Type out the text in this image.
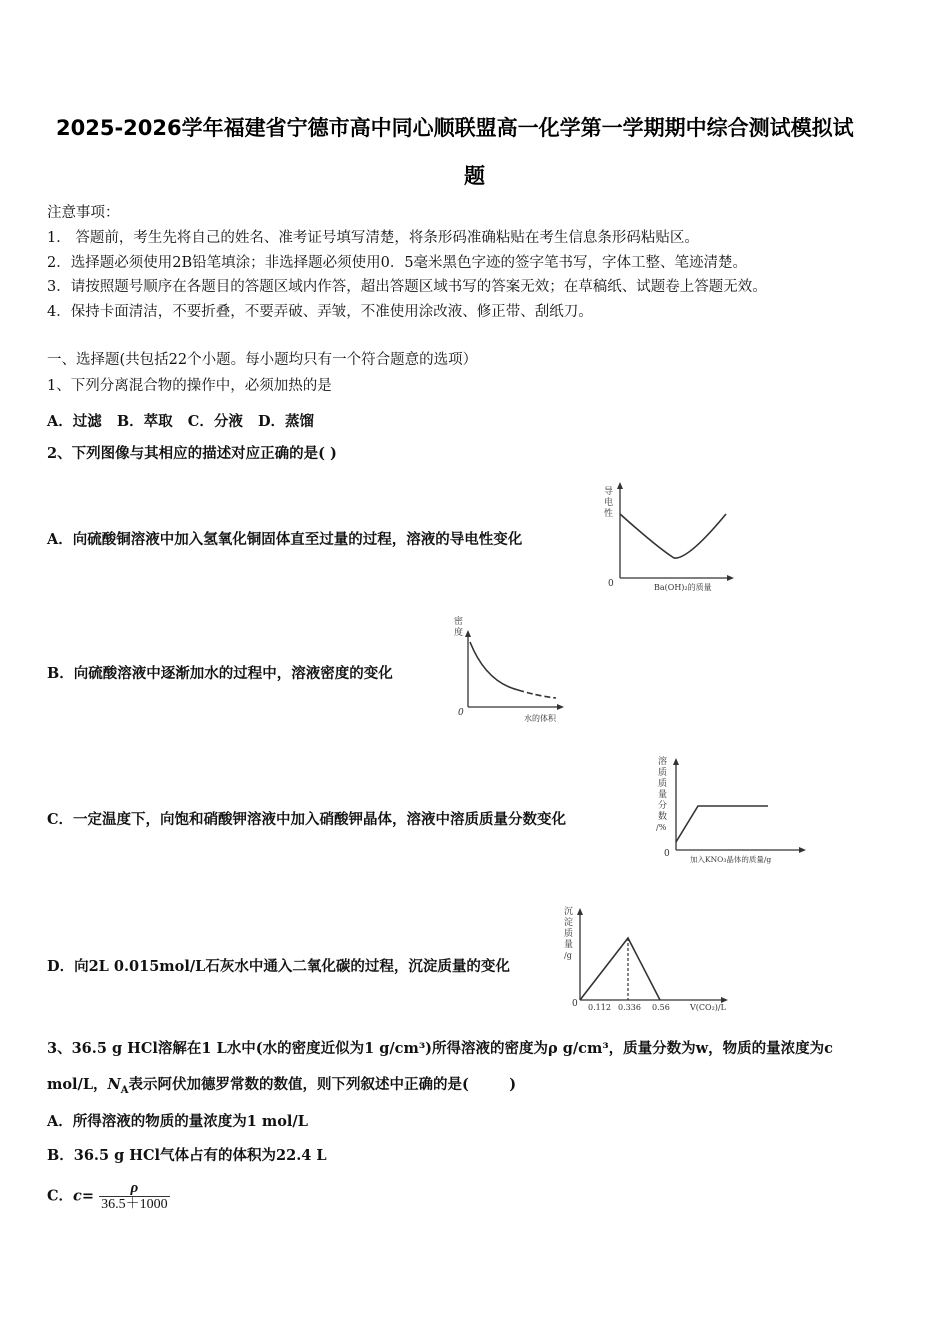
2025-2026学年福建省宁德市高中同心顺联盟高一化学第一学期期中综合测试模拟试
题
注意事项：
1． 答题前，考生先将自己的姓名、准考证号填写清楚，将条形码准确粘贴在考生信息条形码粘贴区。
2．选择题必须使用2B铅笔填涂；非选择题必须使用0．5毫米黑色字迹的签字笔书写，字体工整、笔迹清楚。
3．请按照题号顺序在各题目的答题区域内作答，超出答题区域书写的答案无效；在草稿纸、试题卷上答题无效。
4．保持卡面清洁，不要折叠，不要弄破、弄皱，不准使用涂改液、修正带、刮纸刀。
一、选择题(共包括22个小题。每小题均只有一个符合题意的选项）
1、下列分离混合物的操作中，必须加热的是
A．过滤   B．萃取   C．分液   D．蒸馏
2、下列图像与其相应的描述对应正确的是( )
A．向硫酸铜溶液中加入氢氧化铜固体直至过量的过程，溶液的导电性变化
导
电
性
0	Ba(OH)₂的质量
B．向硫酸溶液中逐渐加水的过程中，溶液密度的变化
密
度
0
水的体积
C．一定温度下，向饱和硝酸钾溶液中加入硝酸钾晶体，溶液中溶质质量分数变化
溶
质
质
量
分
数
/%
0
加入KNO₃晶体的质量/g
D．向2L 0.015mol/L石灰水中通入二氧化碳的过程，沉淀质量的变化
沉
淀
质
量
/g
0 0.112 0.336 0.56	V(CO₂)/L
3、36.5 g HCl溶解在1 L水中(水的密度近似为1 g/cm³)所得溶液的密度为ρ g/cm³，质量分数为w，物质的量浓度为c
mol/L，$N_A$表示阿伏加德罗常数的数值，则下列叙述中正确的是(        )
A．所得溶液的物质的量浓度为1 mol/L
B．36.5 g HCl气体占有的体积为22.4 L
C．$c= \frac{\rho}{36.5+1000}$
